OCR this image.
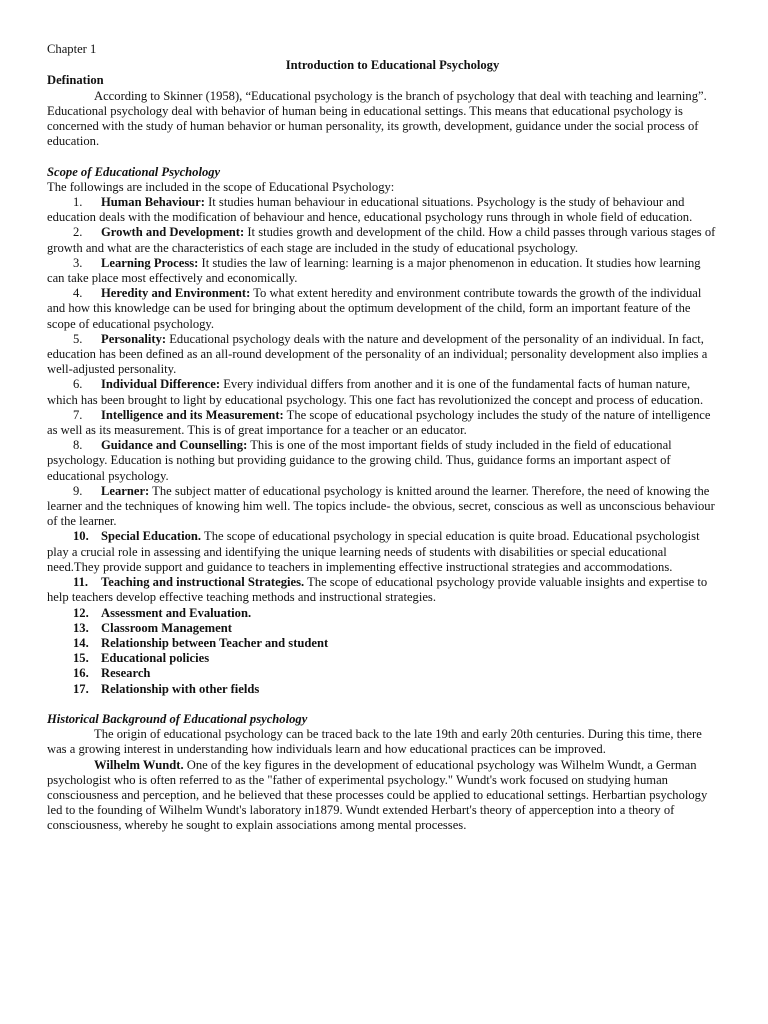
Chapter 1

Introduction to Educational Psychology

Defination

According to Skinner (1958), “Educational psychology is the branch of psychology that deal with teaching and learning”. Educational psychology deal with behavior of human being in educational settings. This means that educational psychology is concerned with the study of human behavior or human personality, its growth, development, guidance under the social process of education.

Scope of Educational Psychology

The followings are included in the scope of Educational Psychology:

1. Human Behaviour: It studies human behaviour in educational situations. Psychology is the study of behaviour and education deals with the modification of behaviour and hence, educational psychology runs through in whole field of education.
2. Growth and Development: It studies growth and development of the child. How a child passes through various stages of growth and what are the characteristics of each stage are included in the study of educational psychology.
3. Learning Process: It studies the law of learning: learning is a major phenomenon in education. It studies how learning can take place most effectively and economically.
4. Heredity and Environment: To what extent heredity and environment contribute towards the growth of the individual and how this knowledge can be used for bringing about the optimum development of the child, form an important feature of the scope of educational psychology.
5. Personality: Educational psychology deals with the nature and development of the personality of an individual. In fact, education has been defined as an all-round development of the personality of an individual; personality development also implies a well-adjusted personality.
6. Individual Difference: Every individual differs from another and it is one of the fundamental facts of human nature, which has been brought to light by educational psychology. This one fact has revolutionized the concept and process of education.
7. Intelligence and its Measurement: The scope of educational psychology includes the study of the nature of intelligence as well as its measurement. This is of great importance for a teacher or an educator.
8. Guidance and Counselling: This is one of the most important fields of study included in the field of educational psychology. Education is nothing but providing guidance to the growing child. Thus, guidance forms an important aspect of educational psychology.
9. Learner: The subject matter of educational psychology is knitted around the learner. Therefore, the need of knowing the learner and the techniques of knowing him well. The topics include- the obvious, secret, conscious as well as unconscious behaviour of the learner.
10. Special Education. The scope of educational psychology in special education is quite broad. Educational psychologist play a crucial role in assessing and identifying the unique learning needs of students with disabilities or special educational need.They provide support and guidance to teachers in implementing effective instructional strategies and accommodations.
11. Teaching and instructional Strategies. The scope of educational psychology provide valuable insights and expertise to help teachers develop effective teaching methods and instructional strategies.
12. Assessment and Evaluation.
13. Classroom Management
14. Relationship between Teacher and student
15. Educational policies
16. Research
17. Relationship with other fields

Historical Background of Educational psychology

The origin of educational psychology can be traced back to the late 19th and early 20th centuries. During this time, there was a growing interest in understanding how individuals learn and how educational practices can be improved.

Wilhelm Wundt. One of the key figures in the development of educational psychology was Wilhelm Wundt, a German psychologist who is often referred to as the "father of experimental psychology." Wundt's work focused on studying human consciousness and perception, and he believed that these processes could be applied to educational settings. Herbartian psychology led to the founding of Wilhelm Wundt's laboratory in1879. Wundt extended Herbart's theory of apperception into a theory of consciousness, whereby he sought to explain associations among mental processes.
